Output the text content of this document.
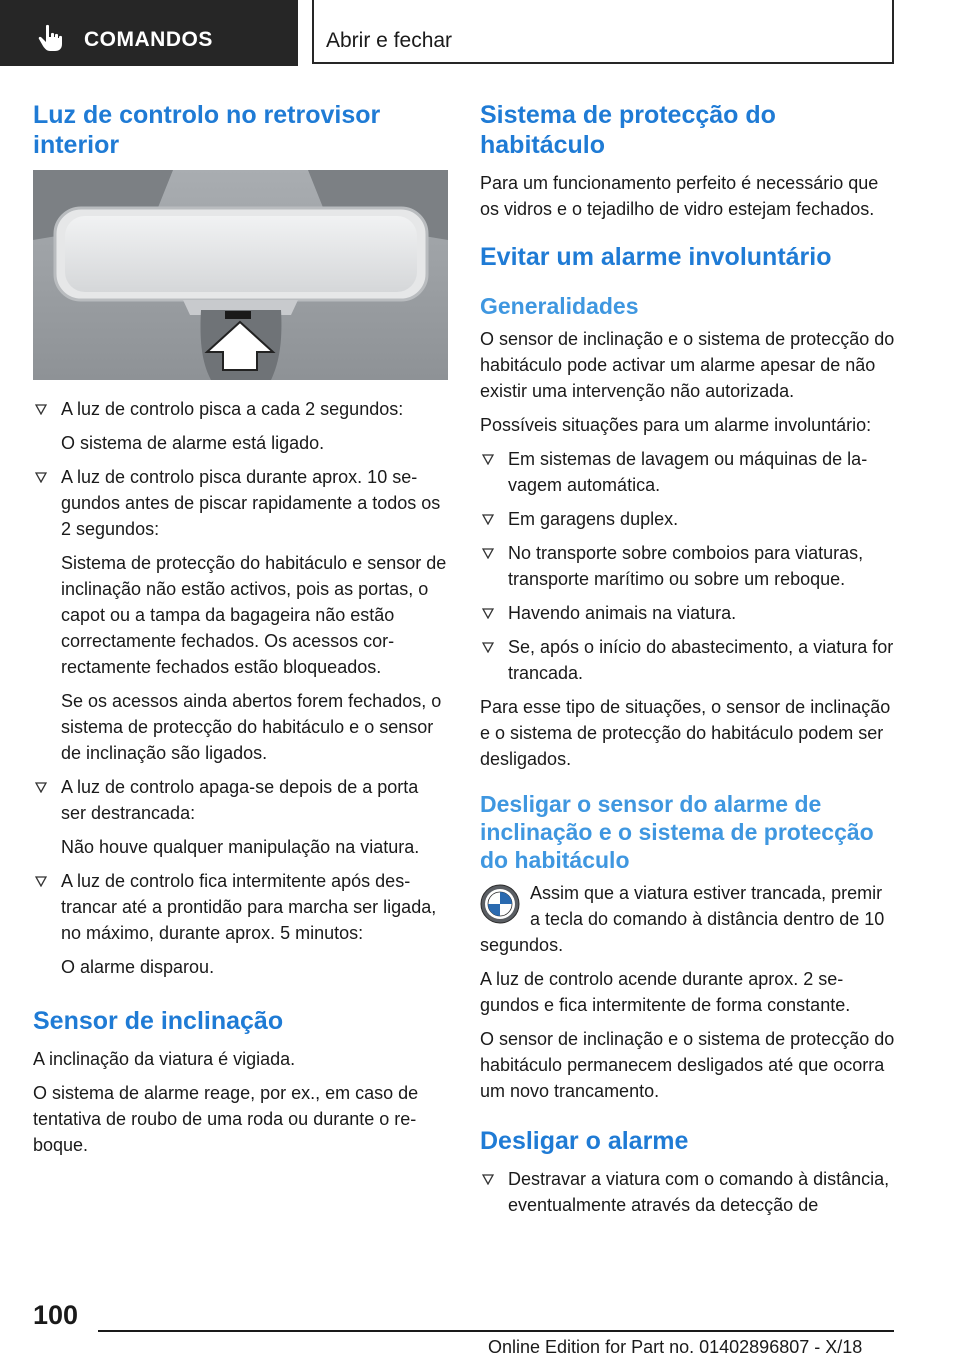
COMANDOS	Abrir e fechar
Luz de controlo no retrovisor interior
A luz de controlo pisca a cada 2 segundos:

O sistema de alarme está ligado.

A luz de controlo pisca durante aprox. 10 segundos antes de piscar rapidamente a todos os 2 segundos:

Sistema de protecção do habitáculo e sensor de inclinação não estão activos, pois as portas, o capot ou a tampa da bagageira não estão correctamente fechados. Os acessos correctamente fechados estão bloqueados.

Se os acessos ainda abertos forem fechados, o sistema de protecção do habitáculo e o sensor de inclinação são ligados.

A luz de controlo apaga-se depois de a porta ser destrancada:

Não houve qualquer manipulação na viatura.

A luz de controlo fica intermitente após destrancar até a prontidão para marcha ser ligada, no máximo, durante aprox. 5 minutos:

O alarme disparou.

Sensor de inclinação

A inclinação da viatura é vigiada.

O sistema de alarme reage, por ex., em caso de tentativa de roubo de uma roda ou durante o reboque.

Sistema de protecção do habitáculo

Para um funcionamento perfeito é necessário que os vidros e o tejadilho de vidro estejam fechados.

Evitar um alarme involuntário
Generalidades

O sensor de inclinação e o sistema de protecção do habitáculo pode activar um alarme apesar de não existir uma intervenção não autorizada.

Possíveis situações para um alarme involuntário:

Em sistemas de lavagem ou máquinas de lavagem automática.
Em garagens duplex.
No transporte sobre comboios para viaturas, transporte marítimo ou sobre um reboque.
Havendo animais na viatura.
Se, após o início do abastecimento, a viatura for trancada.

Para esse tipo de situações, o sensor de inclinação e o sistema de protecção do habitáculo podem ser desligados.

Desligar o sensor do alarme de inclinação e o sistema de protecção do habitáculo

Assim que a viatura estiver trancada, premir a tecla do comando à distância dentro de 10 segundos.

A luz de controlo acende durante aprox. 2 segundos e fica intermitente de forma constante.

O sensor de inclinação e o sistema de protecção do habitáculo permanecem desligados até que ocorra um novo trancamento.

Desligar o alarme
Destravar a viatura com o comando à distância, eventualmente através da detecção de
100
Online Edition for Part no. 01402896807 - X/18
